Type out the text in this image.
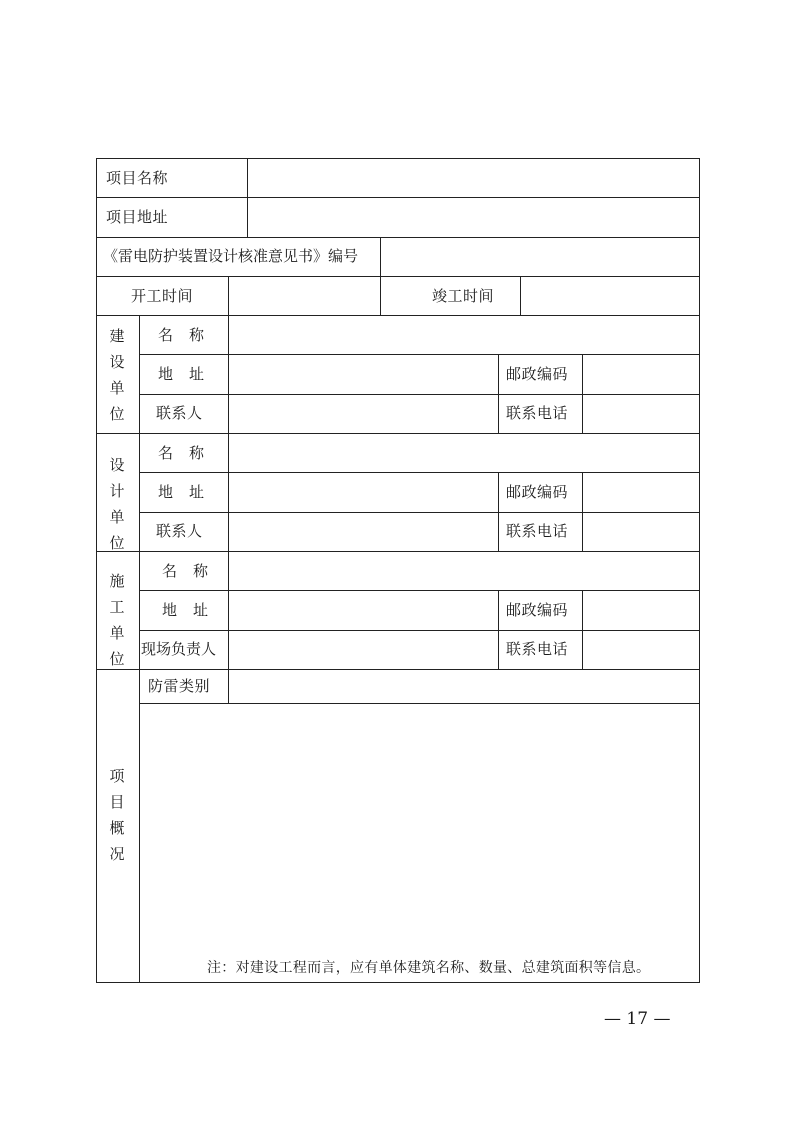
项目名称
项目地址
《雷电防护装置设计核准意见书》编号
开工时间	竣工时间
建
设
单
位
名　称
地　址	邮政编码
联系人	联系电话
设
计
单
位
名　称
地　址	邮政编码
联系人	联系电话
施
工
单
位
名　称
地　址	邮政编码
现场负责人	联系电话
项
目
概
况
防雷类别
注：对建设工程而言，应有单体建筑名称、数量、总建筑面积等信息。
— 17 —
